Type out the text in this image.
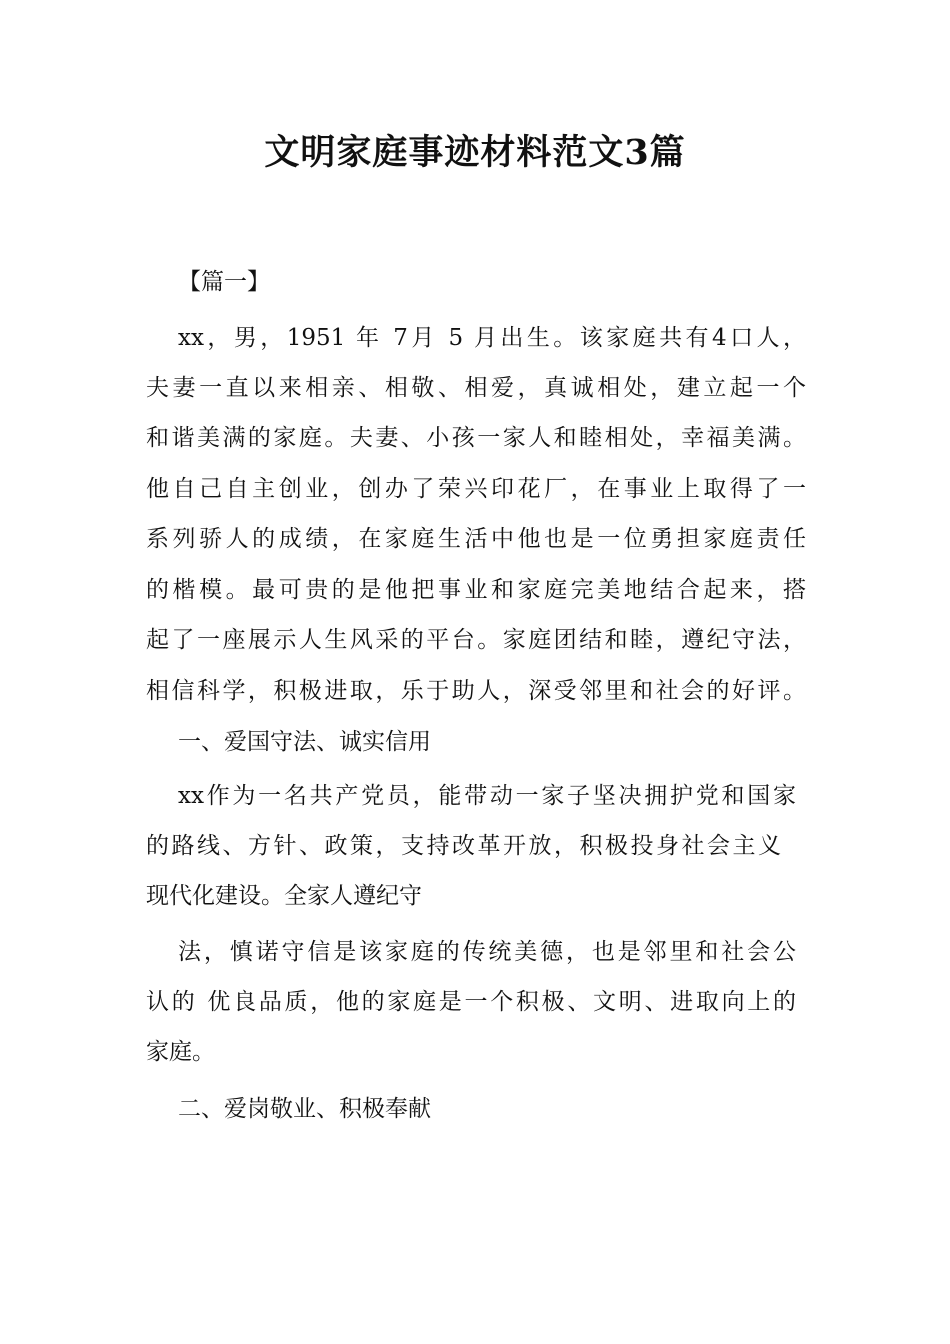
文明家庭事迹材料范文3篇

【篇一】

xx，男，1951 年 7月 5 月出生。该家庭共有4口人，

夫妻一直以来相亲、相敬、相爱，真诚相处，建立起一个

和谐美满的家庭。夫妻、小孩一家人和睦相处，幸福美满。

他自己自主创业，创办了荣兴印花厂，在事业上取得了一

系列骄人的成绩，在家庭生活中他也是一位勇担家庭责任

的楷模。最可贵的是他把事业和家庭完美地结合起来，搭

起了一座展示人生风采的平台。家庭团结和睦，遵纪守法，

相信科学，积极进取，乐于助人，深受邻里和社会的好评。

一、爱国守法、诚实信用

xx作为一名共产党员，能带动一家子坚决拥护党和国家

的路线、方针、政策，支持改革开放，积极投身社会主义

现代化建设。全家人遵纪守

法，慎诺守信是该家庭的传统美德，也是邻里和社会公

认的 优良品质，他的家庭是一个积极、文明、进取向上的

家庭。

二、爱岗敬业、积极奉献
